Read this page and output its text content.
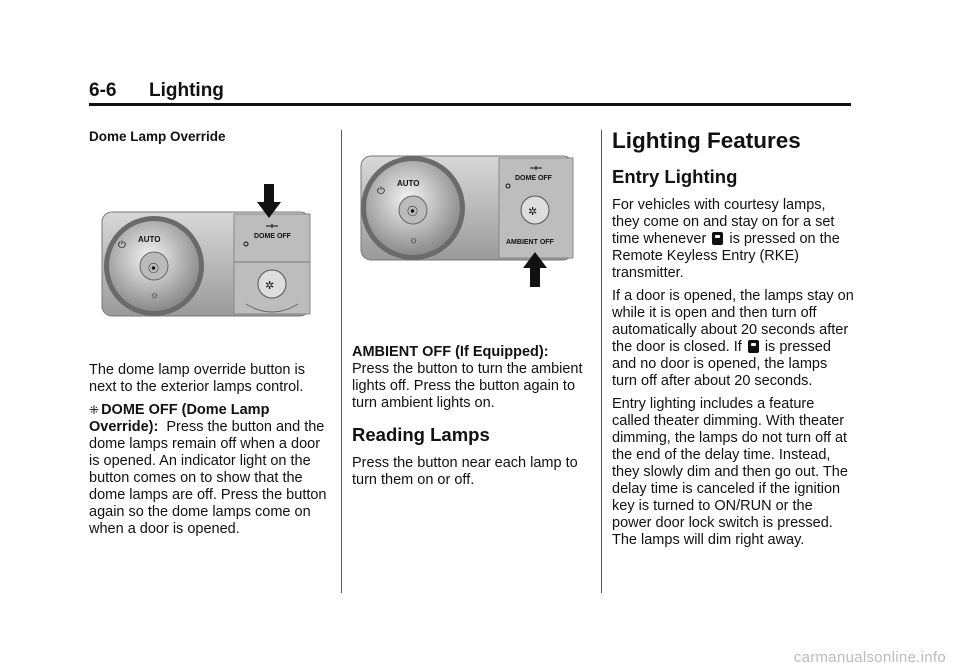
6-6 Lighting
Dome Lamp Override
AUTO
⏻
⦿
☼
DOME OFF
✲

The dome lamp override button is next to the exterior lamps control.

⁜ DOME OFF (Dome Lamp Override): Press the button and the dome lamps remain off when a door is opened. An indicator light on the button comes on to show that the dome lamps are off. Press the button again so the dome lamps come on when a door is opened.

AUTO
⏻
⦿
☼
DOME OFF
✲
AMBIENT OFF
AMBIENT OFF (If Equipped):

Press the button to turn the ambient lights off. Press the button again to turn ambient lights on.

Reading Lamps

Press the button near each lamp to turn them on or off.

Lighting Features
Entry Lighting

For vehicles with courtesy lamps, they come on and stay on for a set time whenever is pressed on the Remote Keyless Entry (RKE) transmitter.

If a door is opened, the lamps stay on while it is open and then turn off automatically about 20 seconds after the door is closed. If is pressed and no door is opened, the lamps turn off after about 20 seconds.

Entry lighting includes a feature called theater dimming. With theater dimming, the lamps do not turn off at the end of the delay time. Instead, they slowly dim and then go out. The delay time is canceled if the ignition key is turned to ON/RUN or the power door lock switch is pressed. The lamps will dim right away.

carmanualsonline.info
